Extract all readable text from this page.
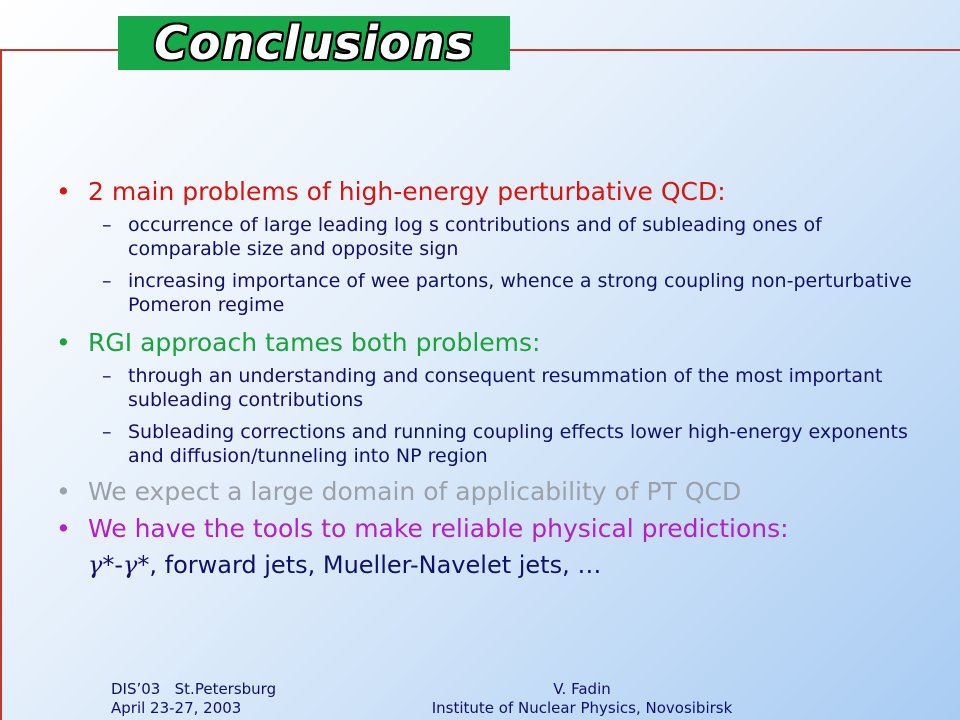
Conclusions
• 2 main problems of high-energy perturbative QCD:
– occurrence of large leading log s contributions and of subleading ones of comparable size and opposite sign
– increasing importance of wee partons, whence a strong coupling non-perturbative Pomeron regime
• RGI approach tames both problems:
– through an understanding and consequent resummation of the most important subleading contributions
– Subleading corrections and running coupling effects lower high-energy exponents and diffusion/tunneling into NP region
• We expect a large domain of applicability of PT QCD
• We have the tools to make reliable physical predictions:
γ*-γ*, forward jets, Mueller-Navelet jets, …
DIS’03   St.Petersburg
April 23-27, 2003
V. Fadin
Institute of Nuclear Physics, Novosibirsk
